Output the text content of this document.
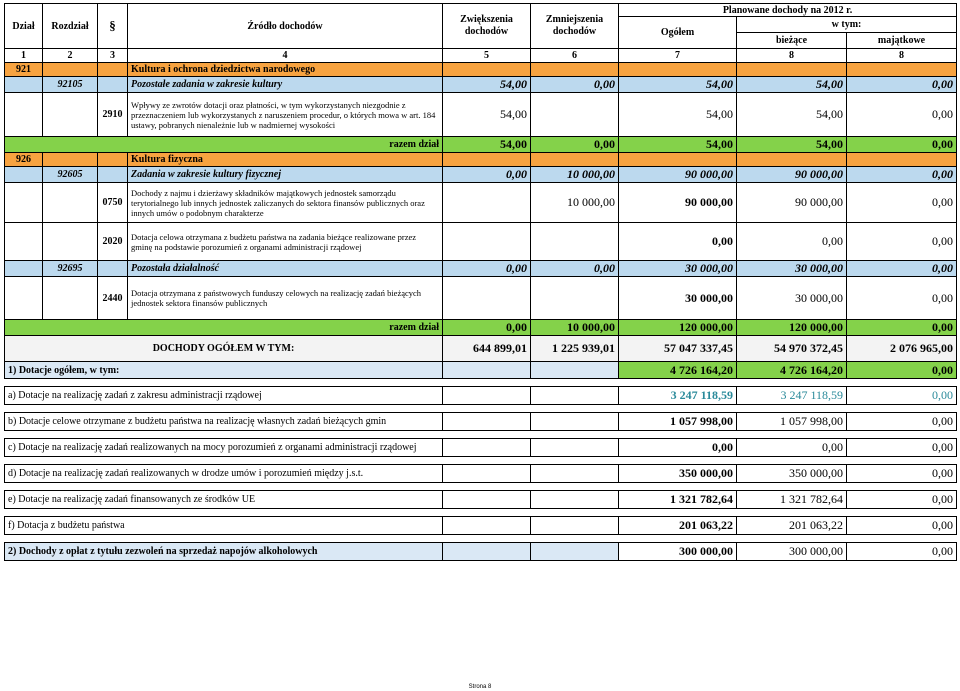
Dział	Rozdział	§	Źródło dochodów	Zwiększenia dochodów	Zmniejszenia dochodów	Planowane dochody na 2012 r.		
						Ogółem	w tym:	
							bieżące	majątkowe
1	2	3	4	5	6	7	8	8
921			Kultura i ochrona dziedzictwa narodowego					
	92105		Pozostałe zadania w zakresie kultury	54,00	0,00	54,00	54,00	0,00
		2910	Wpływy ze zwrotów dotacji oraz płatności, w tym wykorzystanych niezgodnie z przeznaczeniem lub wykorzystanych z naruszeniem procedur, o których mowa w art. 184 ustawy, pobranych nienależnie lub w nadmiernej wysokości	54,00		54,00	54,00	0,00
razem dział				54,00	0,00	54,00	54,00	0,00
926			Kultura fizyczna					
	92605		Zadania w zakresie kultury fizycznej	0,00	10 000,00	90 000,00	90 000,00	0,00
		0750	Dochody z najmu i dzierżawy składników majątkowych jednostek samorządu terytorialnego lub innych jednostek zaliczanych do sektora finansów publicznych oraz innych umów o podobnym charakterze		10 000,00	90 000,00	90 000,00	0,00
		2020	Dotacja celowa otrzymana z budżetu państwa na zadania bieżące realizowane przez gminę na podstawie porozumień z organami administracji rządowej			0,00	0,00	0,00
	92695		Pozostała działalność	0,00	0,00	30 000,00	30 000,00	0,00
		2440	Dotacja otrzymana z państwowych funduszy celowych na realizację zadań bieżących jednostek sektora finansów publicznych			30 000,00	30 000,00	0,00
razem dział				0,00	10 000,00	120 000,00	120 000,00	0,00
DOCHODY OGÓŁEM W TYM:				644 899,01	1 225 939,01	57 047 337,45	54 970 372,45	2 076 965,00
1) Dotacje ogółem, w tym:						4 726 164,20	4 726 164,20	0,00

a) Dotacje na realizację zadań z zakresu administracji rządowej						3 247 118,59	3 247 118,59	0,00

b) Dotacje celowe otrzymane z budżetu państwa na realizację własnych zadań bieżących gmin						1 057 998,00	1 057 998,00	0,00

c) Dotacje na realizację zadań realizowanych na mocy porozumień z organami administracji rządowej						0,00	0,00	0,00

d) Dotacje na realizację zadań realizowanych w drodze umów i porozumień między j.s.t.						350 000,00	350 000,00	0,00

e) Dotacje na realizację zadań finansowanych ze środków UE						1 321 782,64	1 321 782,64	0,00

f) Dotacja z budżetu państwa						201 063,22	201 063,22	0,00

2) Dochody z opłat z tytułu zezwoleń na sprzedaż napojów alkoholowych						300 000,00	300 000,00	0,00
Strona 8
